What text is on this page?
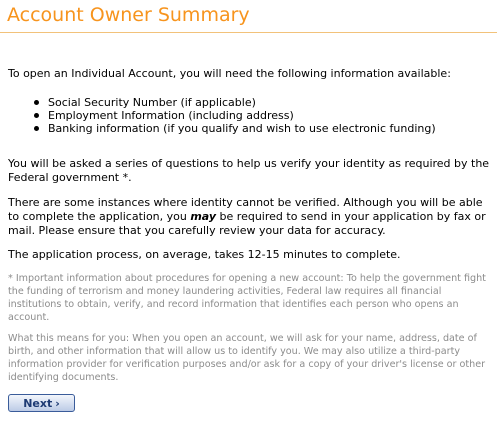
Account Owner Summary

To open an Individual Account, you will need the following information available:

Social Security Number (if applicable)
Employment Information (including address)
Banking information (if you qualify and wish to use electronic funding)

You will be asked a series of questions to help us verify your identity as required by the Federal government *.

There are some instances where identity cannot be verified. Although you will be able to complete the application, you may be required to send in your application by fax or mail. Please ensure that you carefully review your data for accuracy.

The application process, on average, takes 12-15 minutes to complete.

* Important information about procedures for opening a new account: To help the government fight the funding of terrorism and money laundering activities, Federal law requires all financial institutions to obtain, verify, and record information that identifies each person who opens an account.

What this means for you: When you open an account, we will ask for your name, address, date of birth, and other information that will allow us to identify you. We may also utilize a third-party information provider for verification purposes and/or ask for a copy of your driver's license or other identifying documents.

Next ›
